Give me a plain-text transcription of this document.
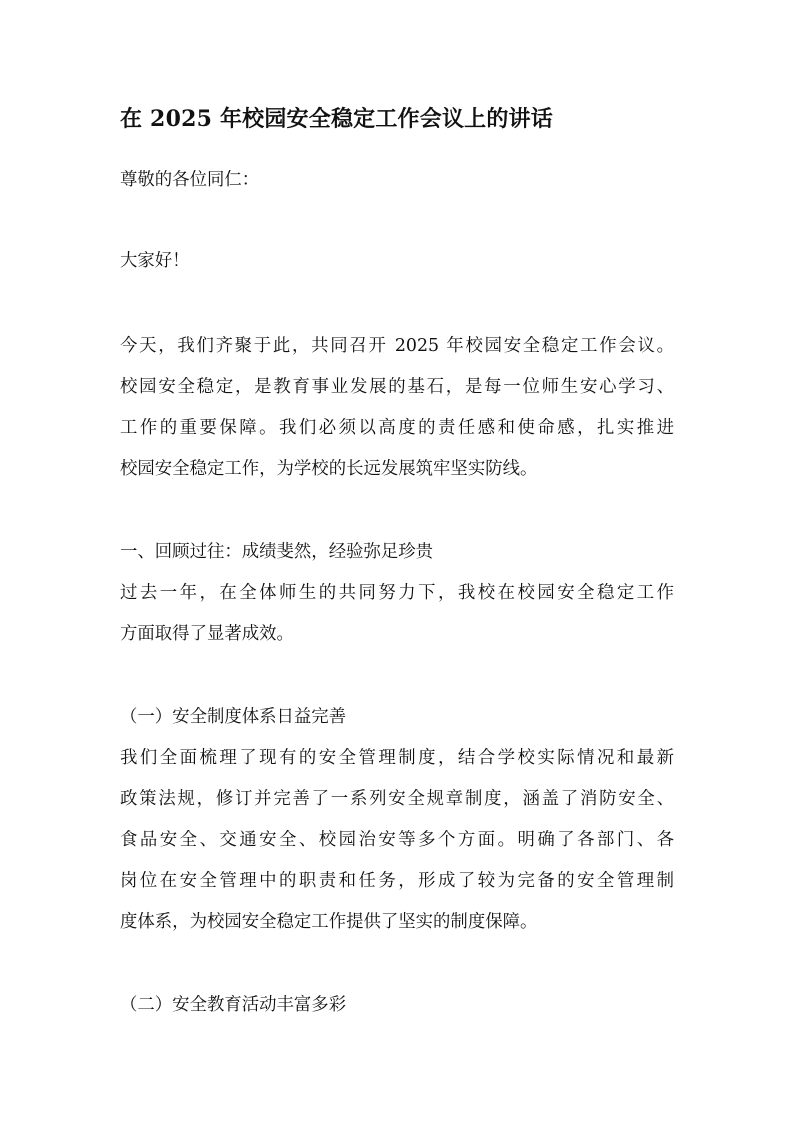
在 2025 年校园安全稳定工作会议上的讲话
尊敬的各位同仁：
大家好！
今天，我们齐聚于此，共同召开 2025 年校园安全稳定工作会议。
校园安全稳定，是教育事业发展的基石，是每一位师生安心学习、
工作的重要保障。我们必须以高度的责任感和使命感，扎实推进
校园安全稳定工作，为学校的长远发展筑牢坚实防线。
一、回顾过往：成绩斐然，经验弥足珍贵
过去一年，在全体师生的共同努力下，我校在校园安全稳定工作
方面取得了显著成效。
（一）安全制度体系日益完善
我们全面梳理了现有的安全管理制度，结合学校实际情况和最新
政策法规，修订并完善了一系列安全规章制度，涵盖了消防安全、
食品安全、交通安全、校园治安等多个方面。明确了各部门、各
岗位在安全管理中的职责和任务，形成了较为完备的安全管理制
度体系，为校园安全稳定工作提供了坚实的制度保障。
（二）安全教育活动丰富多彩
